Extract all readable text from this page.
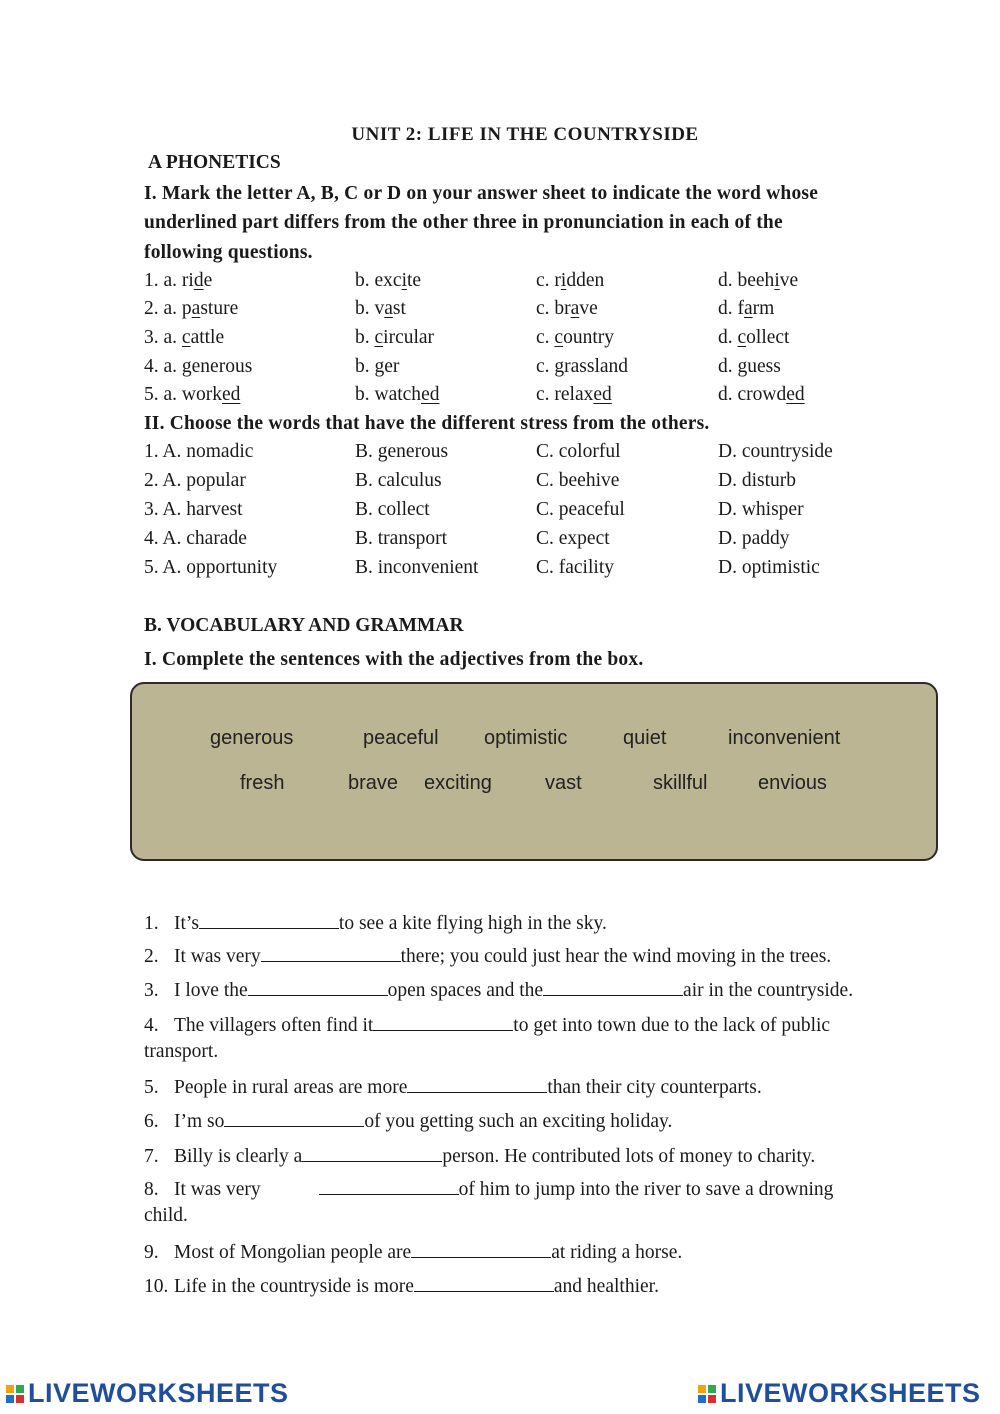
UNIT 2: LIFE IN THE COUNTRYSIDE
A PHONETICS
I. Mark the letter A, B, C or D on your answer sheet to indicate the word whose
underlined part differs from the other three in pronunciation in each of the
following questions.
1. a. ride	b. excite	c. ridden	d. beehive
2. a. pasture	b. vast	c. brave	d. farm
3. a. cattle	b. circular	c. country	d. collect
4. a. generous	b. ger	c. grassland	d. guess
5. a. worked	b. watched	c. relaxed	d. crowded
II. Choose the words that have the different stress from the others.
1. A. nomadic	B. generous	C. colorful	D. countryside
2. A. popular	B. calculus	C. beehive	D. disturb
3. A. harvest	B. collect	C. peaceful	D. whisper
4. A. charade	B. transport	C. expect	D. paddy
5. A. opportunity	B. inconvenient	C. facility	D. optimistic
B. VOCABULARY AND GRAMMAR
I. Complete the sentences with the adjectives from the box.
generous	peaceful optimistic	quiet	inconvenient
fresh	brave exciting	vast	skillful	envious
1. It’s	to see a kite flying high in the sky.
2. It was very	there; you could just hear the wind moving in the trees.
3. I love the	open spaces and the	air in the countryside.
4. The villagers often find it	to get into town due to the lack of public
transport.
5. People in rural areas are more	than their city counterparts.
6. I’m so	of you getting such an exciting holiday.
7. Billy is clearly a	person. He contributed lots of money to charity.
8. It was very	of him to jump into the river to save a drowning
child.
9. Most of Mongolian people are	at riding a horse.
10. Life in the countryside is more	and healthier.
LIVEWORKSHEETS	LIVEWORKSHEETS
